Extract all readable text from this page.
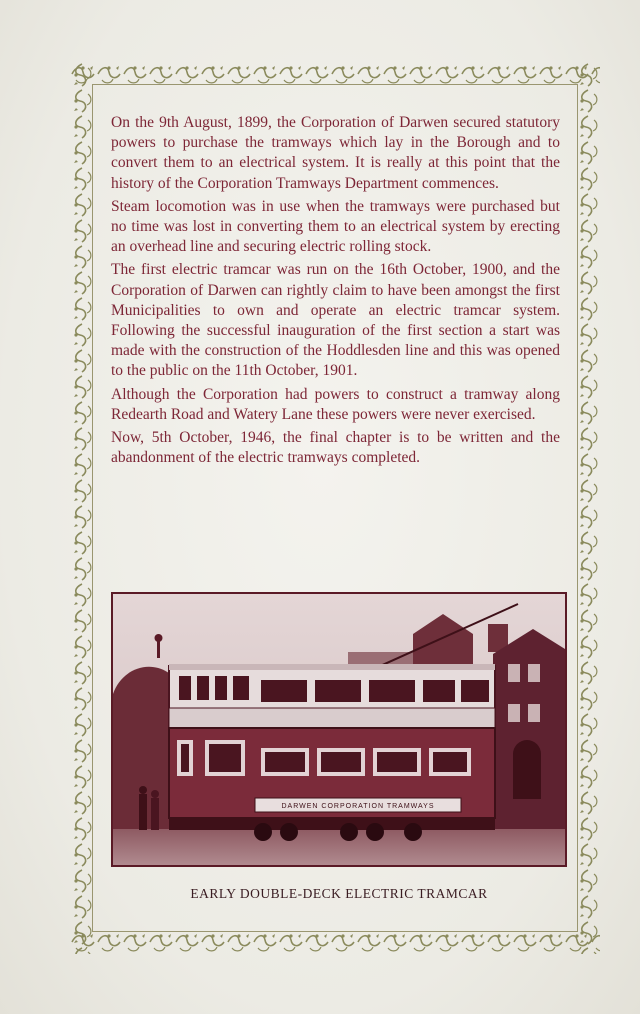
On the 9th August, 1899, the Corporation of Darwen secured statutory powers to purchase the tramways which lay in the Borough and to convert them to an electrical system. It is really at this point that the history of the Corporation Tramways Department commences.

Steam locomotion was in use when the tramways were purchased but no time was lost in converting them to an electrical system by erecting an overhead line and securing electric rolling stock.

The first electric tramcar was run on the 16th October, 1900, and the Corporation of Darwen can rightly claim to have been amongst the first Municipalities to own and operate an electric tramcar system. Following the successful inauguration of the first section a start was made with the construction of the Hoddlesden line and this was opened to the public on the 11th October, 1901.

Although the Corporation had powers to construct a tramway along Redearth Road and Watery Lane these powers were never exercised.

Now, 5th October, 1946, the final chapter is to be written and the abandonment of the electric tramways completed.

DARWEN CORPORATION TRAMWAYS
EARLY DOUBLE-DECK ELECTRIC TRAMCAR
